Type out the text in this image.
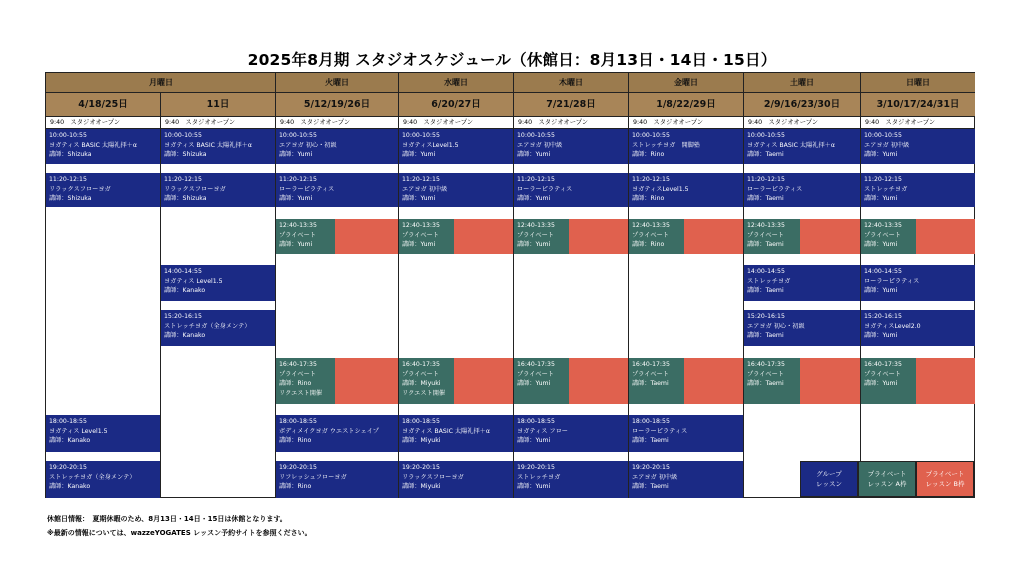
2025年8月期 スタジオスケジュール（休館日：8月13日・14日・15日）
月曜日
4/18/25日
9:40　スタジオオープン
10:00-10:55
ヨガティス BASIC 太陽礼拝＋α
講師：Shizuka
11:20-12:15
リラックスフローヨガ
講師：Shizuka
18:00-18:55
ヨガティス Level1.5
講師：Kanako
19:20-20:15
ストレッチヨガ（全身メンテ）
講師：Kanako
11日
9:40　スタジオオープン
10:00-10:55
ヨガティス BASIC 太陽礼拝＋α
講師：Shizuka
11:20-12:15
リラックスフローヨガ
講師：Shizuka
14:00-14:55
ヨガティス Level1.5
講師：Kanako
15:20-16:15
ストレッチヨガ（全身メンテ）
講師：Kanako
火曜日
5/12/19/26日
9:40　スタジオオープン
10:00-10:55
エアヨガ 初心・初級
講師：Yumi
11:20-12:15
ローラーピラティス
講師：Yumi
12:40-13:35
プライベート
講師：Yumi
16:40-17:35
プライベート
講師：Rino
リクエスト開催
18:00-18:55
ボディメイクヨガ ウエストシェイプ
講師：Rino
19:20-20:15
リフレッシュフローヨガ
講師：Rino
水曜日
6/20/27日
9:40　スタジオオープン
10:00-10:55
ヨガティスLevel1.5
講師：Yumi
11:20-12:15
エアヨガ 初中級
講師：Yumi
12:40-13:35
プライベート
講師：Yumi
16:40-17:35
プライベート
講師：Miyuki
リクエスト開催
18:00-18:55
ヨガティス BASIC 太陽礼拝＋α
講師：Miyuki
19:20-20:15
リラックスフローヨガ
講師：Miyuki
木曜日
7/21/28日
9:40　スタジオオープン
10:00-10:55
エアヨガ 初中級
講師：Yumi
11:20-12:15
ローラーピラティス
講師：Yumi
12:40-13:35
プライベート
講師：Yumi
16:40-17:35
プライベート
講師：Yumi
18:00-18:55
ヨガティス フロー
講師：Yumi
19:20-20:15
ストレッチヨガ
講師：Yumi
金曜日
1/8/22/29日
9:40　スタジオオープン
10:00-10:55
ストレッチヨガ　開脚塾
講師：Rino
11:20-12:15
ヨガティスLevel1.5
講師：Rino
12:40-13:35
プライベート
講師：Rino
16:40-17:35
プライベート
講師：Taemi
18:00-18:55
ローラーピラティス
講師：Taemi
19:20-20:15
エアヨガ 初中級
講師：Taemi
土曜日
2/9/16/23/30日
9:40　スタジオオープン
10:00-10:55
ヨガティス BASIC 太陽礼拝＋α
講師：Taemi
11:20-12:15
ローラーピラティス
講師：Taemi
12:40-13:35
プライベート
講師：Taemi
14:00-14:55
ストレッチヨガ
講師：Taemi
15:20-16:15
エアヨガ 初心・初級
講師：Taemi
16:40-17:35
プライベート
講師：Taemi
日曜日
3/10/17/24/31日
9:40　スタジオオープン
10:00-10:55
エアヨガ 初中級
講師：Yumi
11:20-12:15
ストレッチヨガ
講師：Yumi
12:40-13:35
プライベート
講師：Yumi
14:00-14:55
ローラーピラティス
講師：Yumi
15:20-16:15
ヨガティスLevel2.0
講師：Yumi
16:40-17:35
プライベート
講師：Yumi
グループ
レッスン
プライベート
レッスン A枠
プライベート
レッスン B枠
休館日情報：　 夏期休暇のため、8月13日・14日・15日は休館となります。
※最新の情報については、wazzeYOGATES レッスン予約サイトを参照ください。
